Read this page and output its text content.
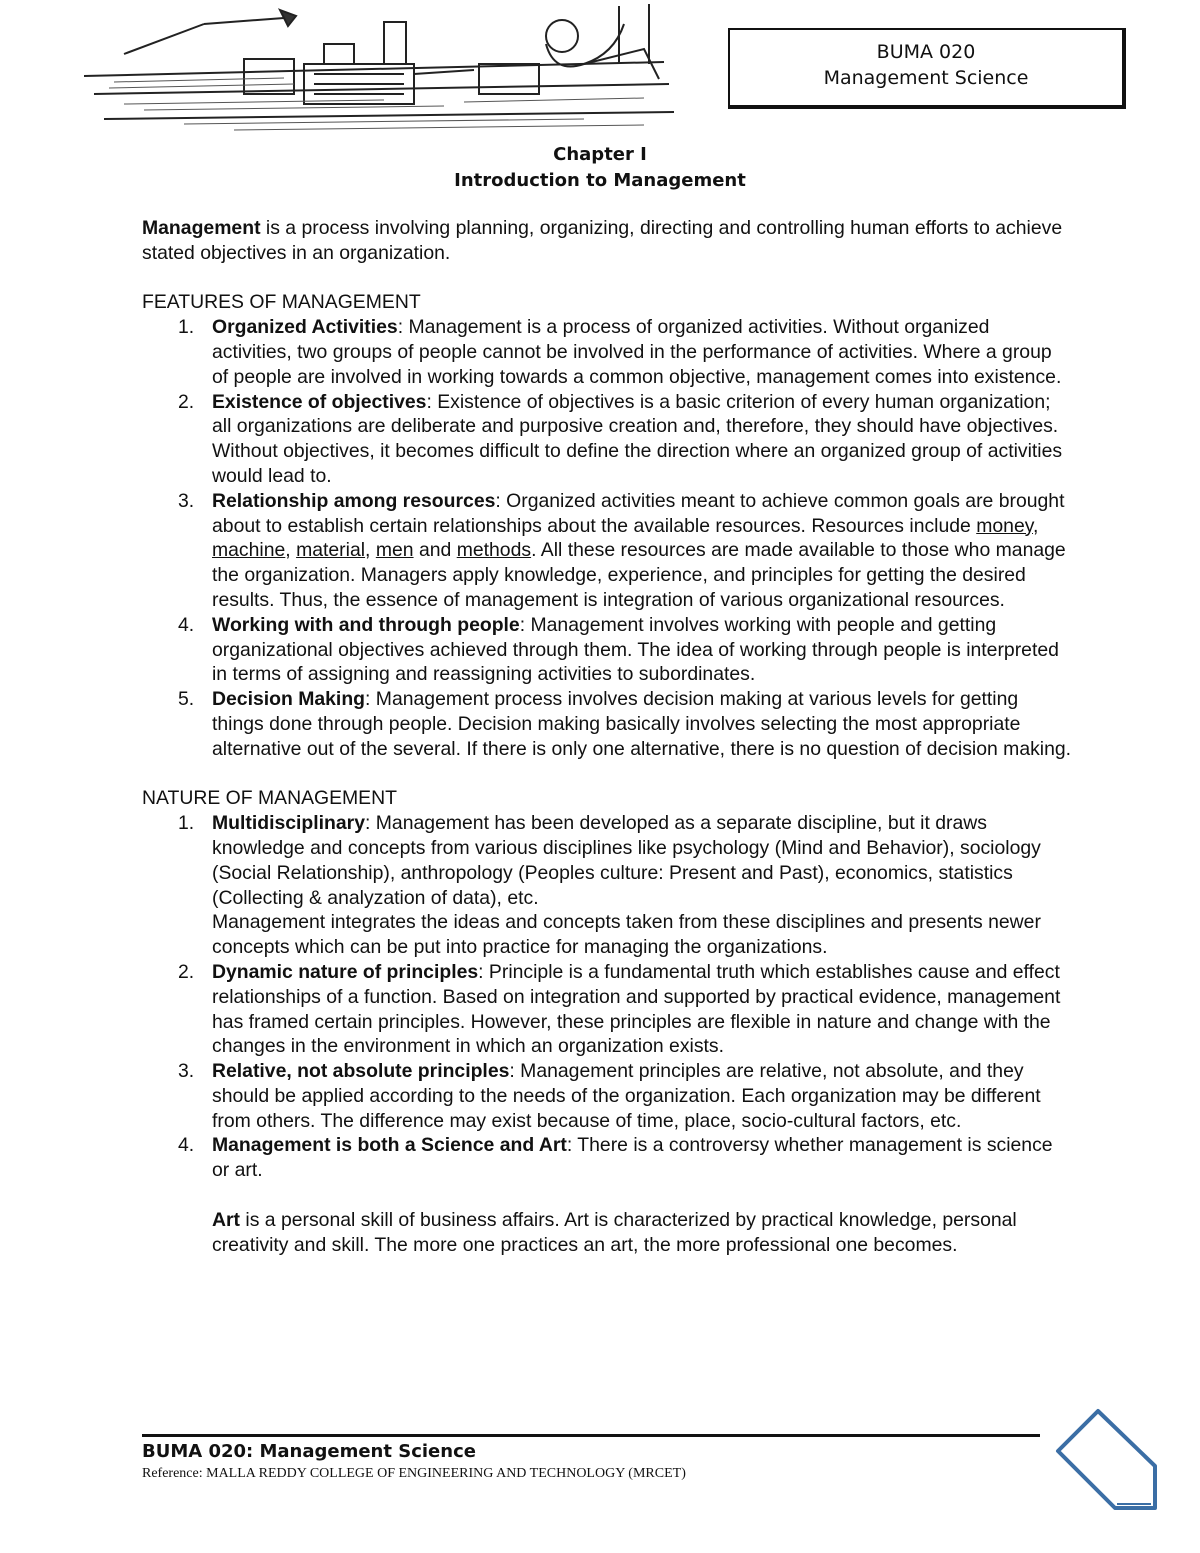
BUMA 020
Management Science
Chapter I
Introduction to Management

Management is a process involving planning, organizing, directing and controlling human efforts to achieve stated objectives in an organization.

FEATURES OF MANAGEMENT

1. Organized Activities: Management is a process of organized activities. Without organized activities, two groups of people cannot be involved in the performance of activities. Where a group of people are involved in working towards a common objective, management comes into existence.
2. Existence of objectives: Existence of objectives is a basic criterion of every human organization; all organizations are deliberate and purposive creation and, therefore, they should have objectives. Without objectives, it becomes difficult to define the direction where an organized group of activities would lead to.
3. Relationship among resources: Organized activities meant to achieve common goals are brought about to establish certain relationships about the available resources. Resources include money, machine, material, men and methods. All these resources are made available to those who manage the organization. Managers apply knowledge, experience, and principles for getting the desired results. Thus, the essence of management is integration of various organizational resources.
4. Working with and through people: Management involves working with people and getting organizational objectives achieved through them. The idea of working through people is interpreted in terms of assigning and reassigning activities to subordinates.
5. Decision Making: Management process involves decision making at various levels for getting things done through people. Decision making basically involves selecting the most appropriate alternative out of the several. If there is only one alternative, there is no question of decision making.

NATURE OF MANAGEMENT

1. Multidisciplinary: Management has been developed as a separate discipline, but it draws knowledge and concepts from various disciplines like psychology (Mind and Behavior), sociology (Social Relationship), anthropology (Peoples culture: Present and Past), economics, statistics (Collecting & analyzation of data), etc.
Management integrates the ideas and concepts taken from these disciplines and presents newer concepts which can be put into practice for managing the organizations.
2. Dynamic nature of principles: Principle is a fundamental truth which establishes cause and effect relationships of a function. Based on integration and supported by practical evidence, management has framed certain principles. However, these principles are flexible in nature and change with the changes in the environment in which an organization exists.
3. Relative, not absolute principles: Management principles are relative, not absolute, and they should be applied according to the needs of the organization. Each organization may be different from others. The difference may exist because of time, place, socio-cultural factors, etc.
4. Management is both a Science and Art: There is a controversy whether management is science or art.
Art is a personal skill of business affairs. Art is characterized by practical knowledge, personal creativity and skill. The more one practices an art, the more professional one becomes.
BUMA 020: Management Science
Reference: MALLA REDDY COLLEGE OF ENGINEERING AND TECHNOLOGY (MRCET)
